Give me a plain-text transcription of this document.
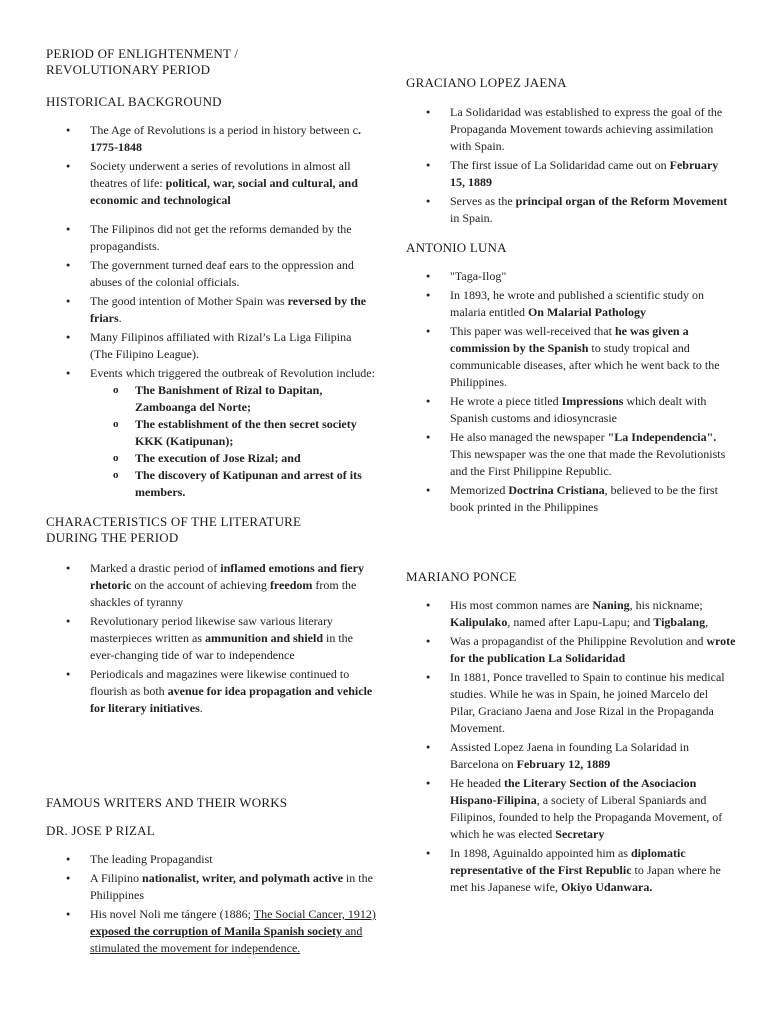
PERIOD OF ENLIGHTENMENT /
REVOLUTIONARY PERIOD
HISTORICAL BACKGROUND
● The Age of Revolutions is a period in history between c. 1775-1848
● Society underwent a series of revolutions in almost all theatres of life: political, war, social and cultural, and economic and technological
● The Filipinos did not get the reforms demanded by the propagandists.
● The government turned deaf ears to the oppression and abuses of the colonial officials.
● The good intention of Mother Spain was reversed by the friars.
● Many Filipinos affiliated with Rizal’s La Liga Filipina (The Filipino League).
● Events which triggered the outbreak of Revolution include:
o The Banishment of Rizal to Dapitan, Zamboanga del Norte;
o The establishment of the then secret society KKK (Katipunan);
o The execution of Jose Rizal; and
o The discovery of Katipunan and arrest of its members.
CHARACTERISTICS OF THE LITERATURE
DURING THE PERIOD
● Marked a drastic period of inflamed emotions and fiery rhetoric on the account of achieving freedom from the shackles of tyranny
● Revolutionary period likewise saw various literary masterpieces written as ammunition and shield in the ever-changing tide of war to independence
● Periodicals and magazines were likewise continued to flourish as both avenue for idea propagation and vehicle for literary initiatives.
FAMOUS WRITERS AND THEIR WORKS
DR. JOSE P RIZAL
● The leading Propagandist
● A Filipino nationalist, writer, and polymath active in the Philippines
● His novel Noli me tángere (1886; The Social Cancer, 1912) exposed the corruption of Manila Spanish society and stimulated the movement for independence.
GRACIANO LOPEZ JAENA
● La Solidaridad was established to express the goal of the Propaganda Movement towards achieving assimilation with Spain.
● The first issue of La Solidaridad came out on February 15, 1889
● Serves as the principal organ of the Reform Movement in Spain.
ANTONIO LUNA
● "Taga-Ilog"
● In 1893, he wrote and published a scientific study on malaria entitled On Malarial Pathology
● This paper was well-received that he was given a commission by the Spanish to study tropical and communicable diseases, after which he went back to the Philippines.
● He wrote a piece titled Impressions which dealt with Spanish customs and idiosyncrasie
● He also managed the newspaper "La Independencia". This newspaper was the one that made the Revolutionists and the First Philippine Republic.
● Memorized Doctrina Cristiana, believed to be the first book printed in the Philippines
MARIANO PONCE
● His most common names are Naning, his nickname; Kalipulako, named after Lapu-Lapu; and Tigbalang,
● Was a propagandist of the Philippine Revolution and wrote for the publication La Solidaridad
● In 1881, Ponce travelled to Spain to continue his medical studies. While he was in Spain, he joined Marcelo del Pilar, Graciano Jaena and Jose Rizal in the Propaganda Movement.
● Assisted Lopez Jaena in founding La Solaridad in Barcelona on February 12, 1889
● He headed the Literary Section of the Asociacion Hispano-Filipina, a society of Liberal Spaniards and Filipinos, founded to help the Propaganda Movement, of which he was elected Secretary
● In 1898, Aguinaldo appointed him as diplomatic representative of the First Republic to Japan where he met his Japanese wife, Okiyo Udanwara.
